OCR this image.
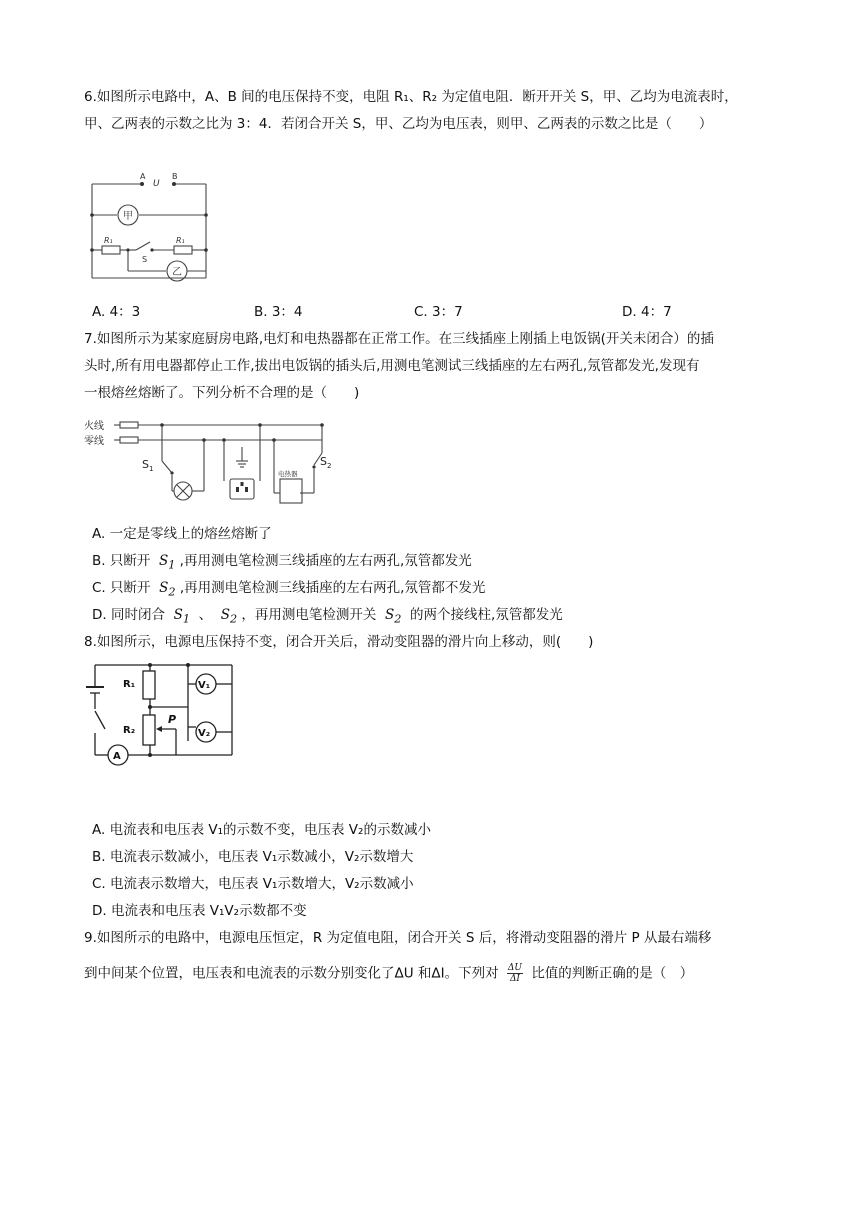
6.如图所示电路中，A、B 间的电压保持不变，电阻 R₁、R₂ 为定值电阻．断开开关 S，甲、乙均为电流表时，
甲、乙两表的示数之比为 3：4．若闭合开关 S，甲、乙均为电压表，则甲、乙两表的示数之比是（　　）
A
U
B
甲
R₁	R₁
S
乙
A. 4：3	B. 3：4	C. 3：7	D. 4：7
7.如图所示为某家庭厨房电路,电灯和电热器都在正常工作。在三线插座上刚插上电饭锅(开关未闭合）的插
头时,所有用电器都停止工作,拔出电饭锅的插头后,用测电笔测试三线插座的左右两孔,氖管都发光,发现有
一根熔丝熔断了。下列分析不合理的是（　　)
火线
零线
$S_1$
$S_2$
电热器
A. 一定是零线上的熔丝熔断了
B. 只断开 $S_1$ ,再用测电笔检测三线插座的左右两孔,氖管都发光
C. 只断开 $S_2$ ,再用测电笔检测三线插座的左右两孔,氖管都不发光
D. 同时闭合 $S_1$ 、 $S_2$ ，再用测电笔检测开关 $S_2$ 的两个接线柱,氖管都发光
8.如图所示，电源电压保持不变，闭合开关后，滑动变阻器的滑片向上移动，则(　　)
R₁
R₂
P
V₁
V₂
A
A. 电流表和电压表 V₁的示数不变，电压表 V₂的示数减小
B. 电流表示数减小，电压表 V₁示数减小，V₂示数增大
C. 电流表示数增大，电压表 V₁示数增大，V₂示数减小
D. 电流表和电压表 V₁V₂示数都不变
9.如图所示的电路中，电源电压恒定，R 为定值电阻，闭合开关 S 后，将滑动变阻器的滑片 P 从最右端移
到中间某个位置，电压表和电流表的示数分别变化了ΔU 和ΔI。下列对 $\frac{\Delta U}{\Delta I}$ 比值的判断正确的是（　）
